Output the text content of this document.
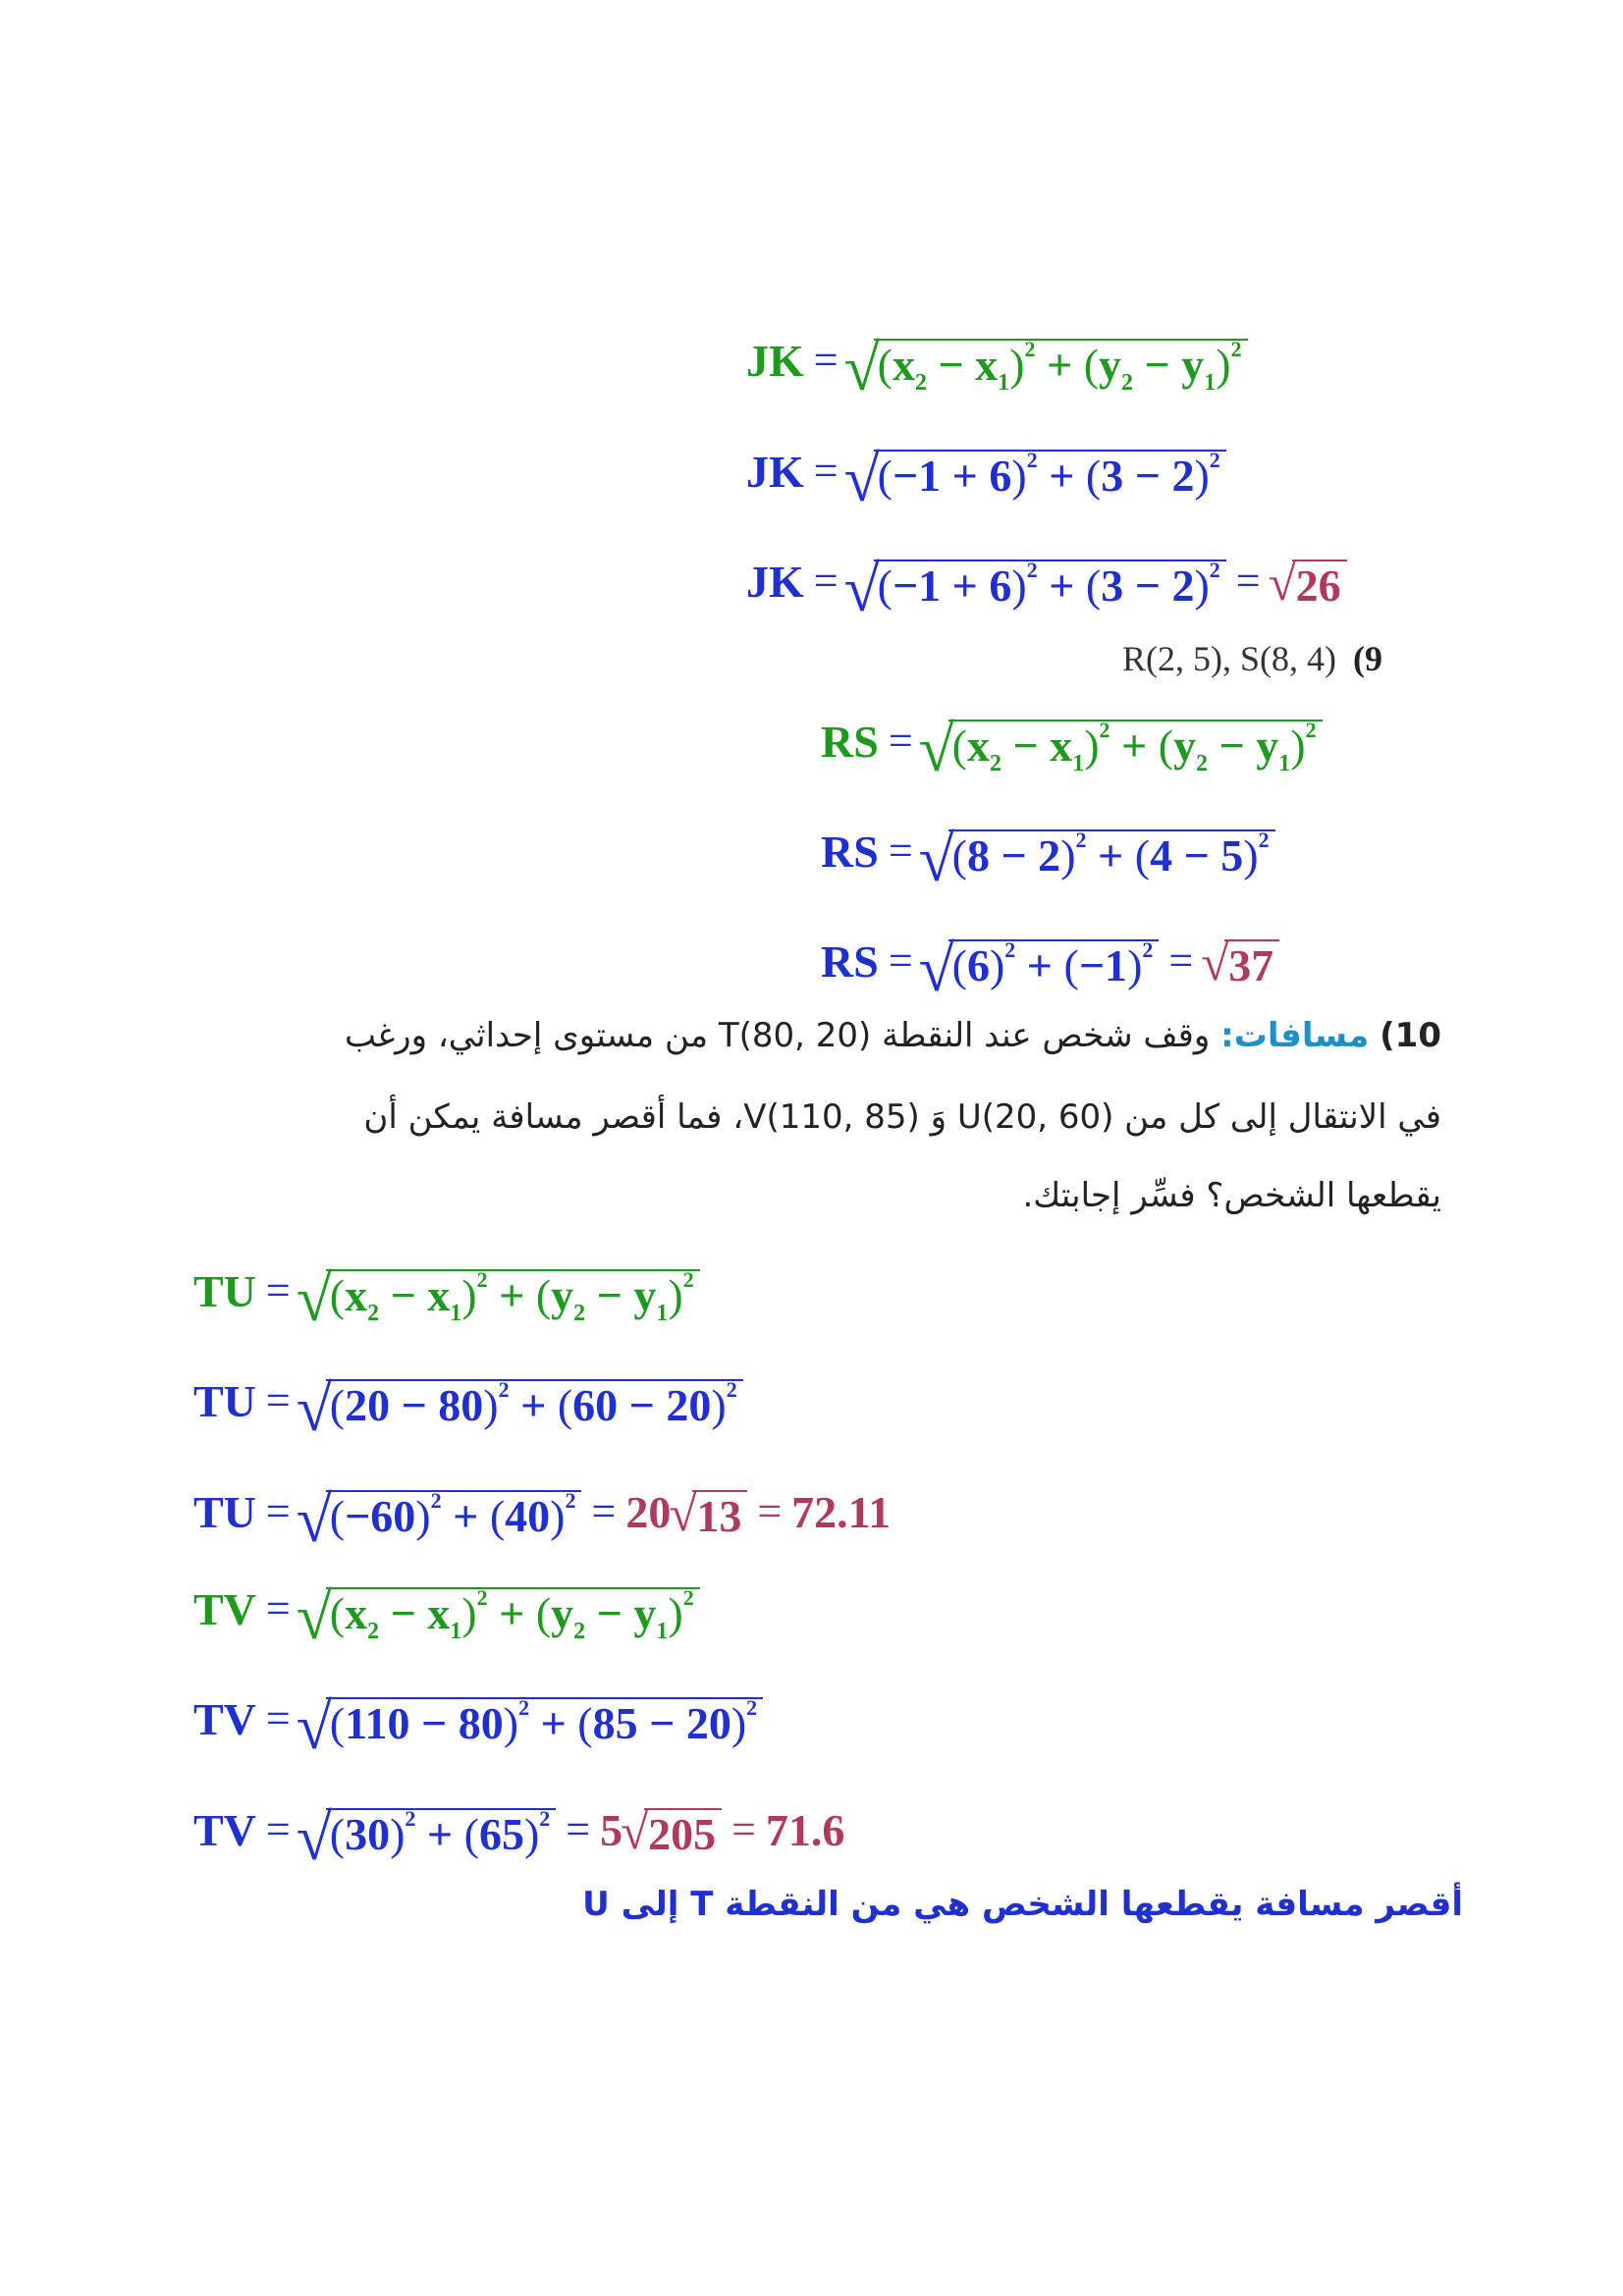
JK = √ $(x_2 - x_1)^2 + (y_2 - y_1)^2$
JK = √ $(-1 + 6)^2 + (3 - 2)^2$
JK = √ $(-1 + 6)^2 + (3 - 2)^2$ = √ 26
R(2, 5), S(8, 4) (9
RS = √ $(x_2 - x_1)^2 + (y_2 - y_1)^2$
RS = √ $(8 - 2)^2 + (4 - 5)^2$
RS = √ $(6)^2 + (-1)^2$ = √ 37
10) مسافات: وقف شخص عند النقطة T(80, 20) من مستوى إحداثي، ورغب
في الانتقال إلى كل من U(20, 60) وَ V(110, 85)، فما أقصر مسافة يمكن أن
يقطعها الشخص؟ فسِّر إجابتك.
TU = √ $(x_2 - x_1)^2 + (y_2 - y_1)^2$
TU = √ $(20 - 80)^2 + (60 - 20)^2$
TU = √ $(-60)^2 + (40)^2 = 20$ √ 13 = 72.11
TV = √ $(x_2 - x_1)^2 + (y_2 - y_1)^2$
TV = √ $(110 - 80)^2 + (85 - 20)^2$
TV = √ $(30)^2 + (65)^2 = 5$ √ 205 = 71.6
أقصر مسافة يقطعها الشخص هي من النقطة T إلى U
